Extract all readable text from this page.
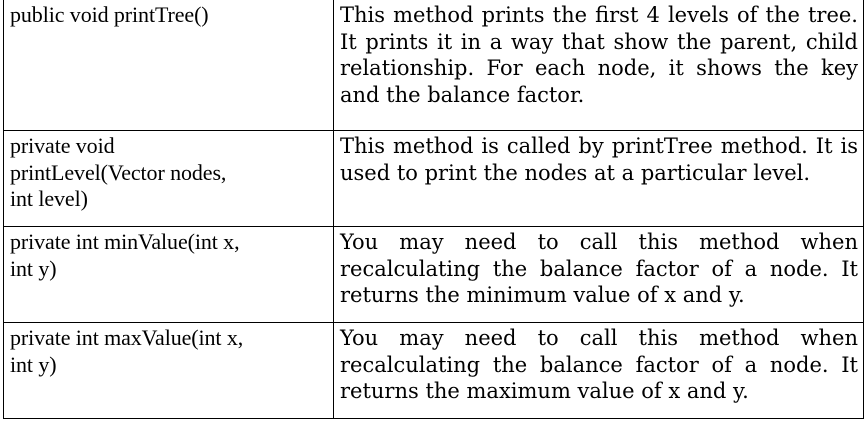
public void printTree()	This method prints the first 4 levels of the tree. It prints it in a way that show the parent, child relationship. For each node, it shows the key and the balance factor.

private void
printLevel(Vector nodes,
int level)	This method is called by printTree method. It is used to print the nodes at a particular level.

private int minValue(int x,
int y)	You may need to call this method when recalculating the balance factor of a node. It returns the minimum value of x and y.

private int maxValue(int x,
int y)	You may need to call this method when recalculating the balance factor of a node. It returns the maximum value of x and y.
